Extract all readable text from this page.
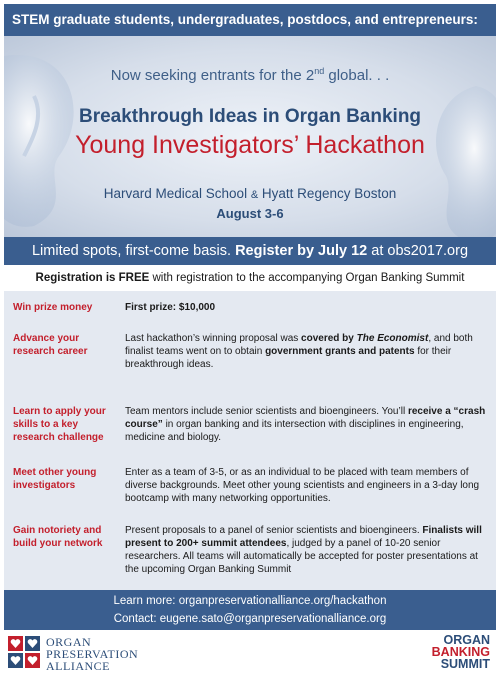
STEM graduate students, undergraduates, postdocs, and entrepreneurs:
Now seeking entrants for the 2nd global. . .
Breakthrough Ideas in Organ Banking
Young Investigators’ Hackathon
Harvard Medical School & Hyatt Regency Boston
August 3-6
Limited spots, first-come basis. Register by July 12 at obs2017.org
Registration is FREE with registration to the accompanying Organ Banking Summit
Win prize money	First prize: $10,000
Advance your research career
Last hackathon’s winning proposal was covered by The Economist, and both finalist teams went on to obtain government grants and patents for their breakthrough ideas.
Learn to apply your skills to a key research challenge
Team mentors include senior scientists and bioengineers. You’ll receive a “crash course” in organ banking and its intersection with disciplines in engineering, medicine and biology.
Meet other young investigators
Enter as a team of 3-5, or as an individual to be placed with team members of diverse backgrounds. Meet other young scientists and engineers in a 3-day long bootcamp with many networking opportunities.
Gain notoriety and build your network
Present proposals to a panel of senior scientists and bioengineers. Finalists will present to 200+ summit attendees, judged by a panel of 10-20 senior researchers. All teams will automatically be accepted for poster presentations at the upcoming Organ Banking Summit
Learn more: organpreservationalliance.org/hackathon
Contact: eugene.sato@organpreservationalliance.org
ORGAN
PRESERVATION
ALLIANCE
ORGAN
BANKING
SUMMIT
